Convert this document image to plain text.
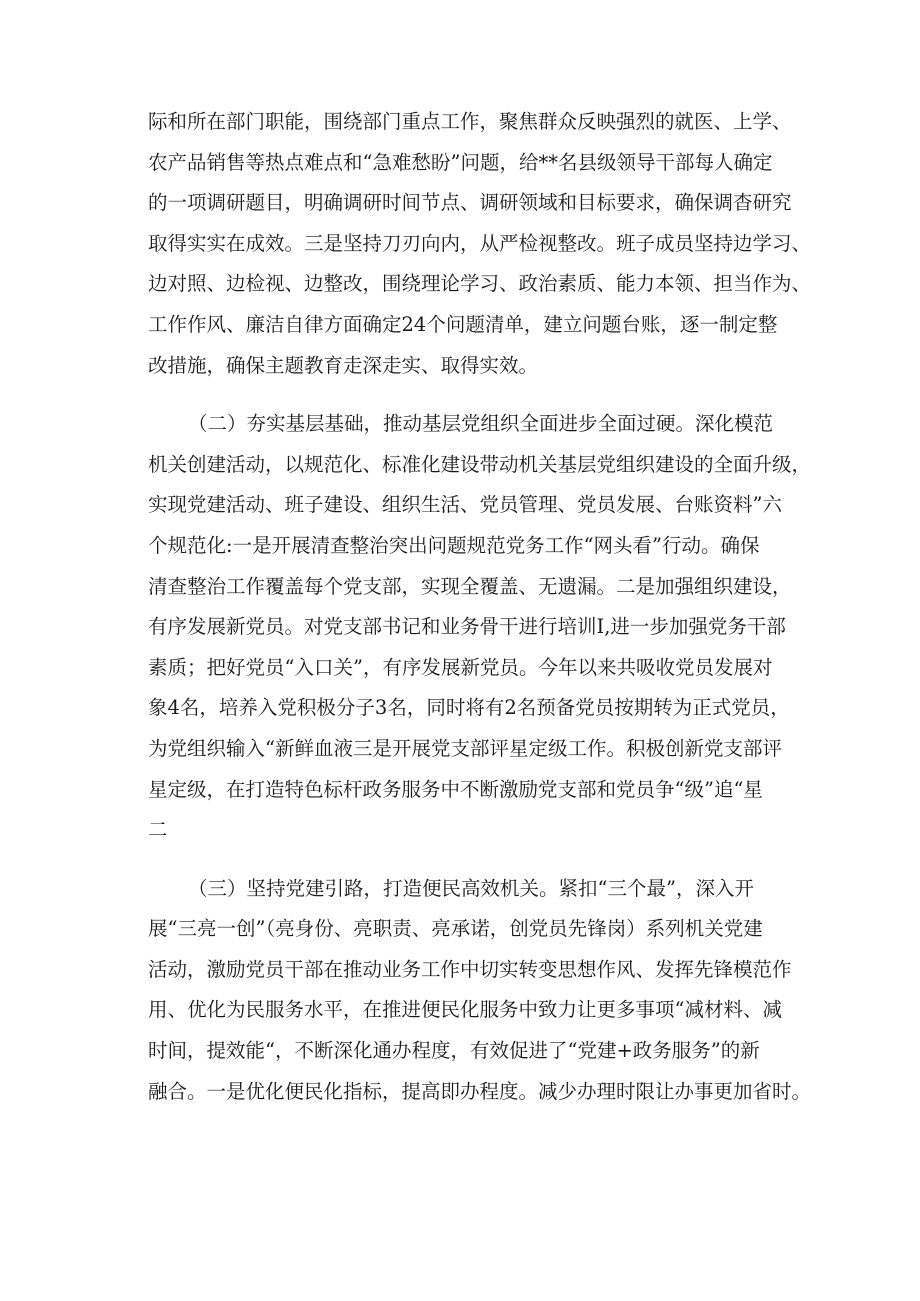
际和所在部门职能，围绕部门重点工作，聚焦群众反映强烈的就医、上学、
农产品销售等热点难点和“急难愁盼”问题，给**名县级领导干部每人确定
的一项调研题目，明确调研时间节点、调研领域和目标要求，确保调杳研究
取得实实在成效。三是坚持刀刃向内，从严检视整改。班子成员坚持边学习、
边对照、边检视、边整改，围绕理论学习、政治素质、能力本领、担当作为、
工作作风、廉洁自律方面确定24个问题清单，建立问题台账，逐一制定整
改措施，确保主题教育走深走实、取得实效。
（二）夯实基层基础，推动基层党组织全面进步全面过硬。深化模范
机关创建活动，以规范化、标准化建设带动机关基层党组织建设的全面升级，
实现党建活动、班子建设、组织生活、党员管理、党员发展、台账资料”六
个规范化:一是开展清查整治突出问题规范党务工作“网头看”行动。确保
清查整治工作覆盖每个党支部，实现全覆盖、无遗漏。二是加强组织建设，
有序发展新党员。对党支部书记和业务骨干进行培训I,进一步加强党务干部
素质；把好党员“入口关”，有序发展新党员。今年以来共吸收党员发展对
象4名，培养入党积极分子3名，同时将有2名预备党员按期转为正式党员，
为党组织输入“新鲜血液三是开展党支部评星定级工作。积极创新党支部评
星定级，在打造特色标杆政务服务中不断激励党支部和党员争“级”追“星
二
（三）坚持党建引路，打造便民高效机关。紧扣“三个最”，深入开
展“三亮一创”（亮身份、亮职责、亮承诺，创党员先锋岗）系列机关党建
活动，激励党员干部在推动业务工作中切实转变思想作风、发挥先锋模范作
用、优化为民服务水平，在推进便民化服务中致力让更多事项“减材料、减
时间，提效能“，不断深化通办程度，有效促进了“党建+政务服务”的新
融合。一是优化便民化指标，提高即办程度。减少办理时限让办事更加省时。
